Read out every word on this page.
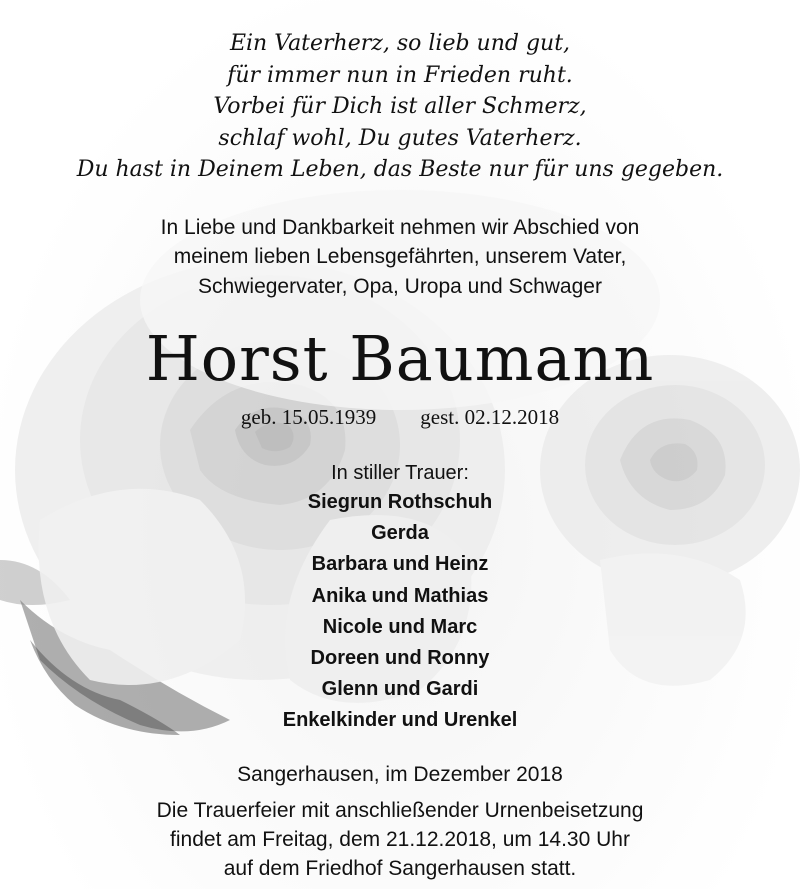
Ein Vaterherz, so lieb und gut,
für immer nun in Frieden ruht.
Vorbei für Dich ist aller Schmerz,
schlaf wohl, Du gutes Vaterherz.
Du hast in Deinem Leben, das Beste nur für uns gegeben.
In Liebe und Dankbarkeit nehmen wir Abschied von
meinem lieben Lebensgefährten, unserem Vater,
Schwiegervater, Opa, Uropa und Schwager
Horst Baumann
geb. 15.05.1939 gest. 02.12.2018
In stiller Trauer:
Siegrun Rothschuh
Gerda
Barbara und Heinz
Anika und Mathias
Nicole und Marc
Doreen und Ronny
Glenn und Gardi
Enkelkinder und Urenkel
Sangerhausen, im Dezember 2018
Die Trauerfeier mit anschließender Urnenbeisetzung
findet am Freitag, dem 21.12.2018, um 14.30 Uhr
auf dem Friedhof Sangerhausen statt.
